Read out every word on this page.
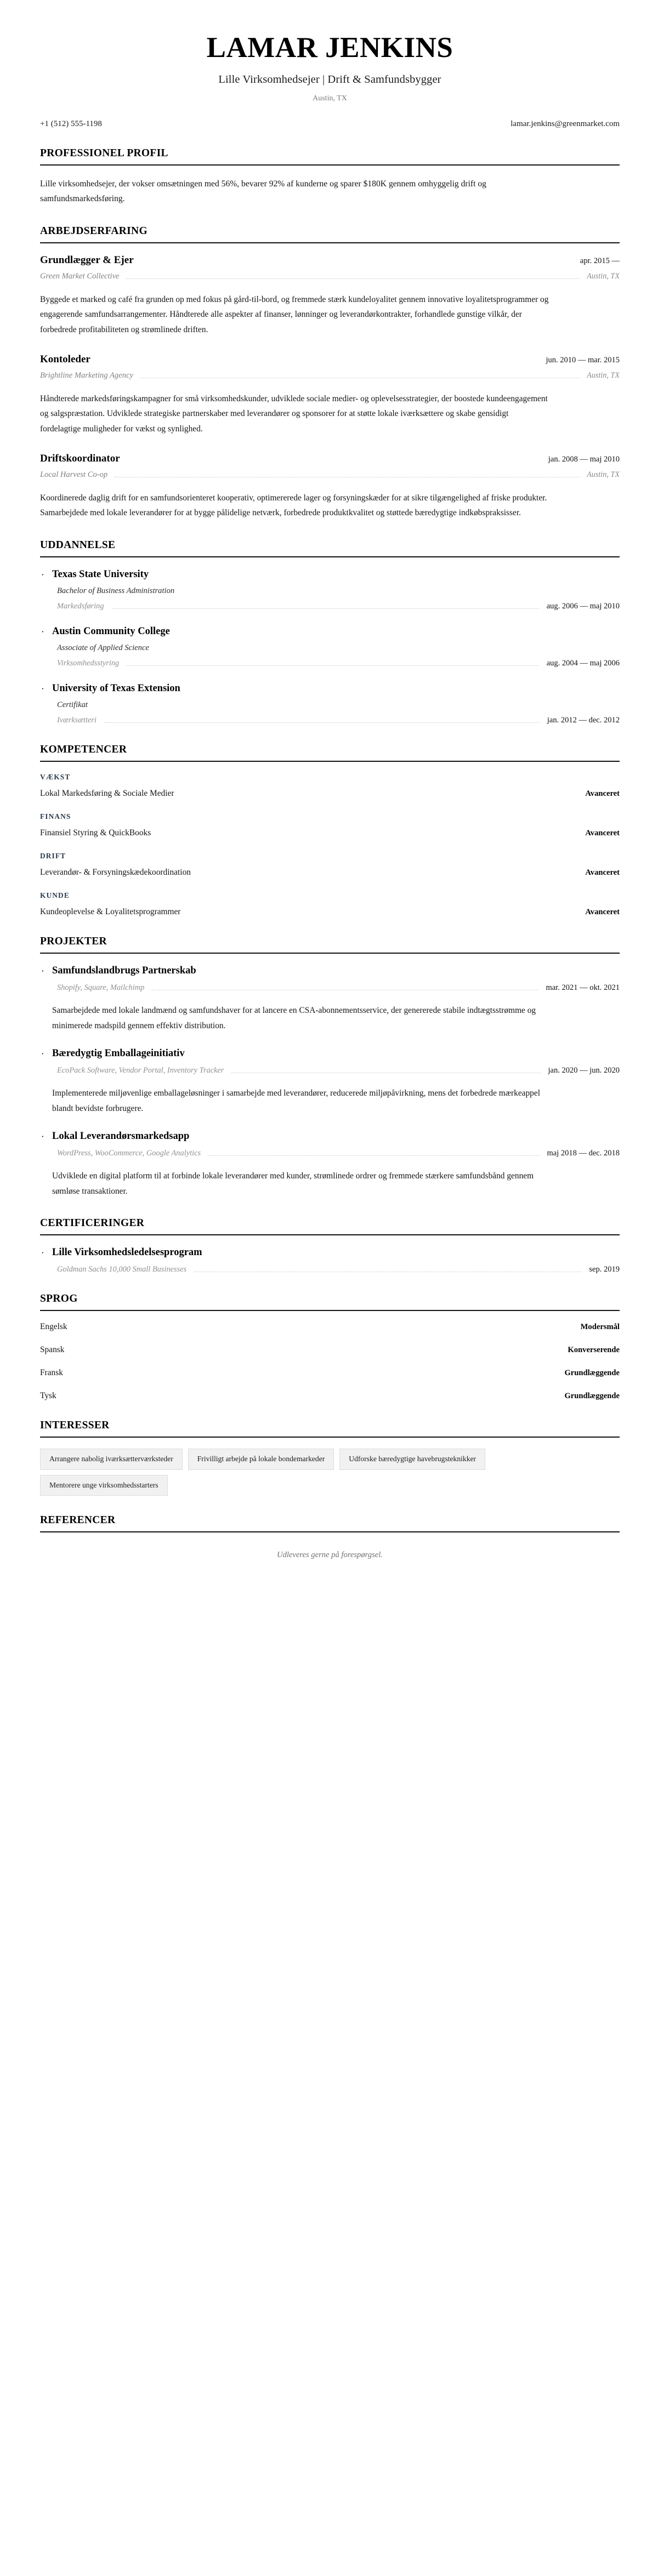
LAMAR JENKINS
Lille Virksomhedsejer | Drift & Samfundsbygger
Austin, TX
+1 (512) 555-1198	lamar.jenkins@greenmarket.com
PROFESSIONEL PROFIL

Lille virksomhedsejer, der vokser omsætningen med 56%, bevarer 92% af kunderne og sparer $180K gennem omhyggelig drift og samfundsmarkedsføring.

ARBEJDSERFARING
Grundlægger & Ejer	apr. 2015 —
Green Market Collective	Austin, TX
Byggede et marked og café fra grunden op med fokus på gård-til-bord, og fremmede stærk kundeloyalitet gennem innovative loyalitetsprogrammer og engagerende samfundsarrangementer. Håndterede alle aspekter af finanser, lønninger og leverandørkontrakter, forhandlede gunstige vilkår, der forbedrede profitabiliteten og strømlinede driften.
Kontoleder	jun. 2010 — mar. 2015
Brightline Marketing Agency	Austin, TX
Håndterede markedsføringskampagner for små virksomhedskunder, udviklede sociale medier- og oplevelsesstrategier, der boostede kundeengagement og salgspræstation. Udviklede strategiske partnerskaber med leverandører og sponsorer for at støtte lokale iværksættere og skabe gensidigt fordelagtige muligheder for vækst og synlighed.
Driftskoordinator	jan. 2008 — maj 2010
Local Harvest Co-op	Austin, TX
Koordinerede daglig drift for en samfundsorienteret kooperativ, optimererede lager og forsyningskæder for at sikre tilgængelighed af friske produkter. Samarbejdede med lokale leverandører for at bygge pålidelige netværk, forbedrede produktkvalitet og støttede bæredygtige indkøbspraksisser.
UDDANNELSE
· Texas State University
Bachelor of Business Administration
Markedsføring	aug. 2006 — maj 2010
· Austin Community College
Associate of Applied Science
Virksomhedsstyring	aug. 2004 — maj 2006
· University of Texas Extension
Certifikat
Iværksætteri	jan. 2012 — dec. 2012
KOMPETENCER
VÆKST
Lokal Markedsføring & Sociale Medier	Avanceret
FINANS
Finansiel Styring & QuickBooks	Avanceret
DRIFT
Leverandør- & Forsyningskædekoordination	Avanceret
KUNDE
Kundeoplevelse & Loyalitetsprogrammer	Avanceret
PROJEKTER
· Samfundslandbrugs Partnerskab
Shopify, Square, Mailchimp	mar. 2021 — okt. 2021
Samarbejdede med lokale landmænd og samfundshaver for at lancere en CSA-abonnementsservice, der genererede stabile indtægtsstrømme og minimerede madspild gennem effektiv distribution.
· Bæredygtig Emballageinitiativ
EcoPack Software, Vendor Portal, Inventory Tracker	jan. 2020 — jun. 2020
Implementerede miljøvenlige emballageløsninger i samarbejde med leverandører, reducerede miljøpåvirkning, mens det forbedrede mærkeappel blandt bevidste forbrugere.
· Lokal Leverandørsmarkedsapp
WordPress, WooCommerce, Google Analytics	maj 2018 — dec. 2018
Udviklede en digital platform til at forbinde lokale leverandører med kunder, strømlinede ordrer og fremmede stærkere samfundsbånd gennem sømløse transaktioner.
CERTIFICERINGER
· Lille Virksomhedsledelsesprogram
Goldman Sachs 10,000 Small Businesses	sep. 2019
SPROG
Engelsk	Modersmål
Spansk	Konverserende
Fransk	Grundlæggende
Tysk	Grundlæggende
INTERESSER
Arrangere nabolig iværksætterværksteder	Frivilligt arbejde på lokale bondemarkeder	Udforske bæredygtige havebrugsteknikker
Mentorere unge virksomhedsstarters
REFERENCER
Udleveres gerne på forespørgsel.
